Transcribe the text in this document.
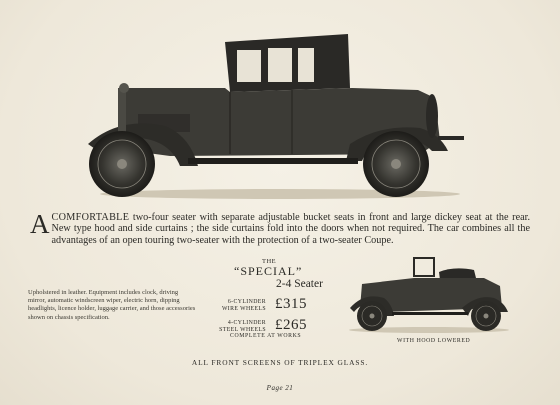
ACOMFORTABLE two-four seater with separate adjustable bucket seats in front and large dickey seat at the rear. New type hood and side curtains ; the side curtains fold into the doors when not required. The car combines all the advantages of an open touring two-seater with the protection of a two-seater Coupe.
Upholstered in leather. Equipment includes clock, driving mirror, automatic windscreen wiper, electric horn, dipping headlights, licence holder, luggage carrier, and those accessories shown on chassis specification.
THE
“SPECIAL”
2-4 Seater
6-CYLINDER
WIRE WHEELS £315
4-CYLINDER
STEEL WHEELS £265
COMPLETE AT WORKS
WITH HOOD LOWERED
ALL FRONT SCREENS OF TRIPLEX GLASS.
Page 21
